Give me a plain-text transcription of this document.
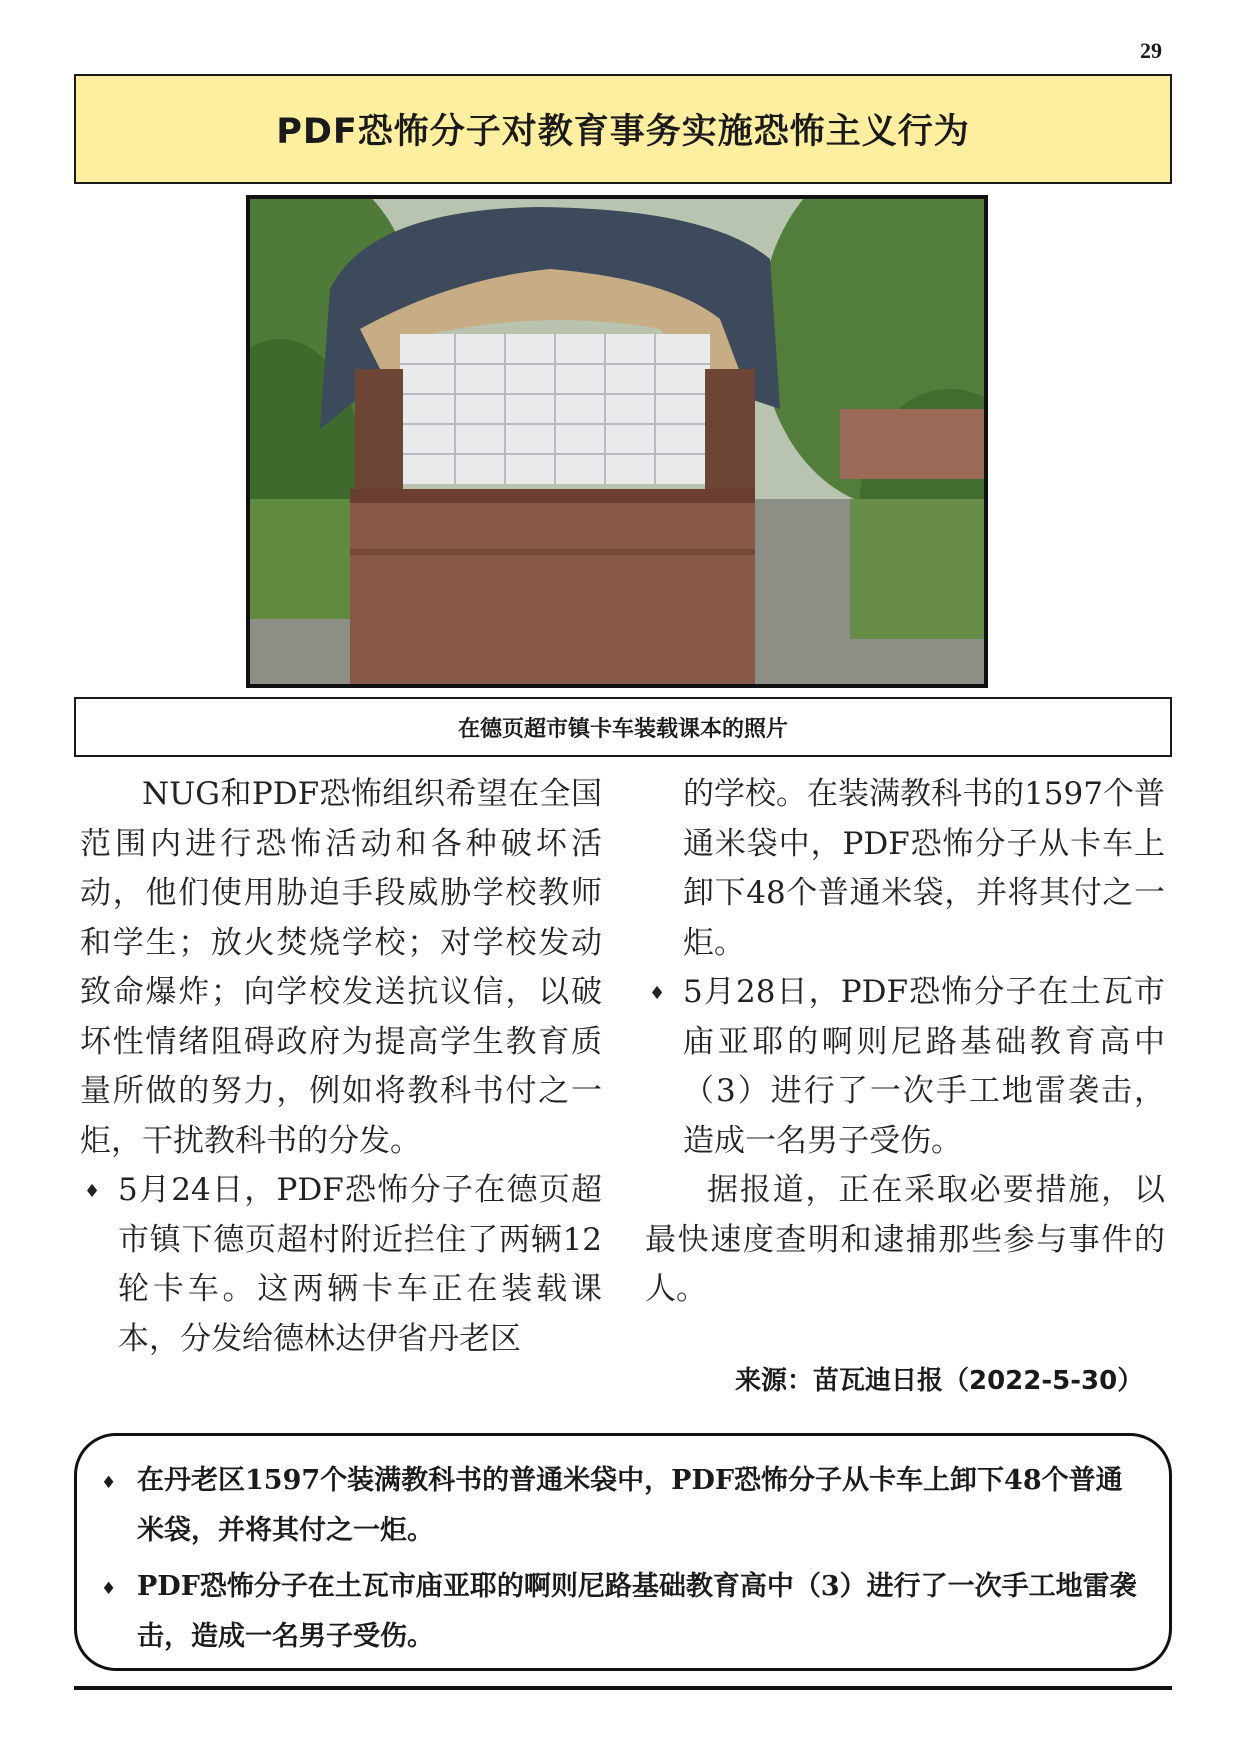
29
PDF恐怖分子对教育事务实施恐怖主义行为
在德页超市镇卡车装载课本的照片

NUG和PDF恐怖组织希望在全国范围内进行恐怖活动和各种破坏活动，他们使用胁迫手段威胁学校教师和学生；放火焚烧学校；对学校发动致命爆炸；向学校发送抗议信，以破坏性情绪阻碍政府为提高学生教育质量所做的努力，例如将教科书付之一炬，干扰教科书的分发。

♦ 5月24日，PDF恐怖分子在德页超市镇下德页超村附近拦住了两辆12轮卡车。这两辆卡车正在装载课本，分发给德林达伊省丹老区

的学校。在装满教科书的1597个普通米袋中，PDF恐怖分子从卡车上卸下48个普通米袋，并将其付之一炬。

♦ 5月28日，PDF恐怖分子在土瓦市庙亚耶的啊则尼路基础教育高中（3）进行了一次手工地雷袭击，造成一名男子受伤。

据报道，正在采取必要措施，以最快速度查明和逮捕那些参与事件的人。

来源：苗瓦迪日报（2022-5-30）
♦ 在丹老区1597个装满教科书的普通米袋中，PDF恐怖分子从卡车上卸下48个普通米袋，并将其付之一炬。
♦ PDF恐怖分子在土瓦市庙亚耶的啊则尼路基础教育高中（3）进行了一次手工地雷袭击，造成一名男子受伤。
